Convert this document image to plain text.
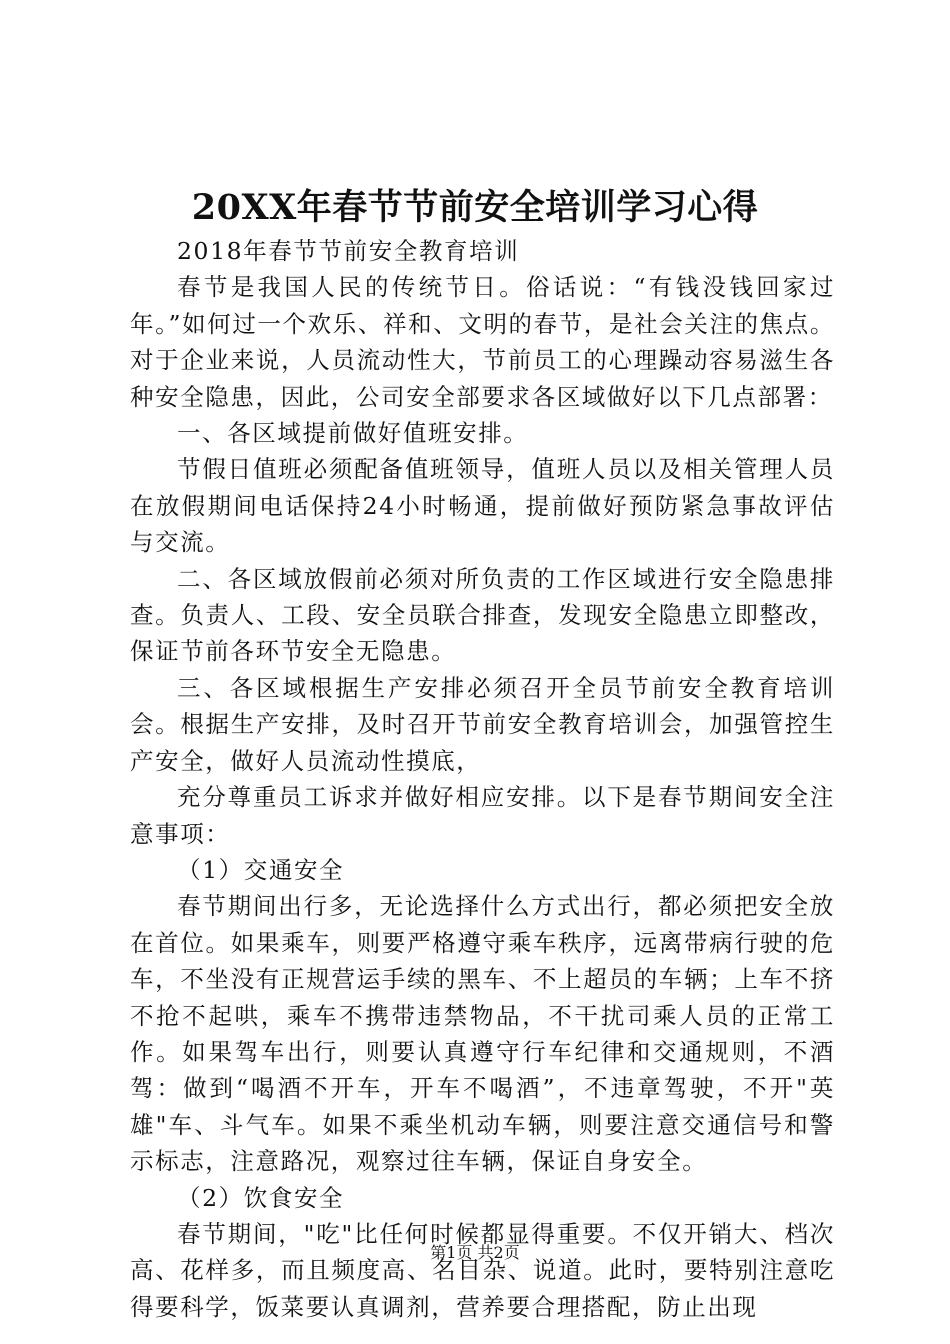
20XX年春节节前安全培训学习心得

2018年春节节前安全教育培训

春节是我国人民的传统节日。俗话说：“有钱没钱回家过年。”如何过一个欢乐、祥和、文明的春节，是社会关注的焦点。对于企业来说，人员流动性大，节前员工的心理躁动容易滋生各种安全隐患，因此，公司安全部要求各区域做好以下几点部署：

一、各区域提前做好值班安排。

节假日值班必须配备值班领导，值班人员以及相关管理人员在放假期间电话保持24小时畅通，提前做好预防紧急事故评估与交流。

二、各区域放假前必须对所负责的工作区域进行安全隐患排查。负责人、工段、安全员联合排查，发现安全隐患立即整改，保证节前各环节安全无隐患。

三、各区域根据生产安排必须召开全员节前安全教育培训会。根据生产安排，及时召开节前安全教育培训会，加强管控生产安全，做好人员流动性摸底，

充分尊重员工诉求并做好相应安排。以下是春节期间安全注意事项：

（1）交通安全

春节期间出行多，无论选择什么方式出行，都必须把安全放在首位。如果乘车，则要严格遵守乘车秩序，远离带病行驶的危车，不坐没有正规营运手续的黑车、不上超员的车辆；上车不挤不抢不起哄，乘车不携带违禁物品，不干扰司乘人员的正常工作。如果驾车出行，则要认真遵守行车纪律和交通规则，不酒驾：做到“喝酒不开车，开车不喝酒”，不违章驾驶，不开"英雄"车、斗气车。如果不乘坐机动车辆，则要注意交通信号和警示标志，注意路况，观察过往车辆，保证自身安全。

（2）饮食安全

春节期间，"吃"比任何时候都显得重要。不仅开销大、档次高、花样多，而且频度高、名目杂、说道。此时，要特别注意吃得要科学，饭菜要认真调剂，营养要合理搭配，防止出现

第1页 共2页
